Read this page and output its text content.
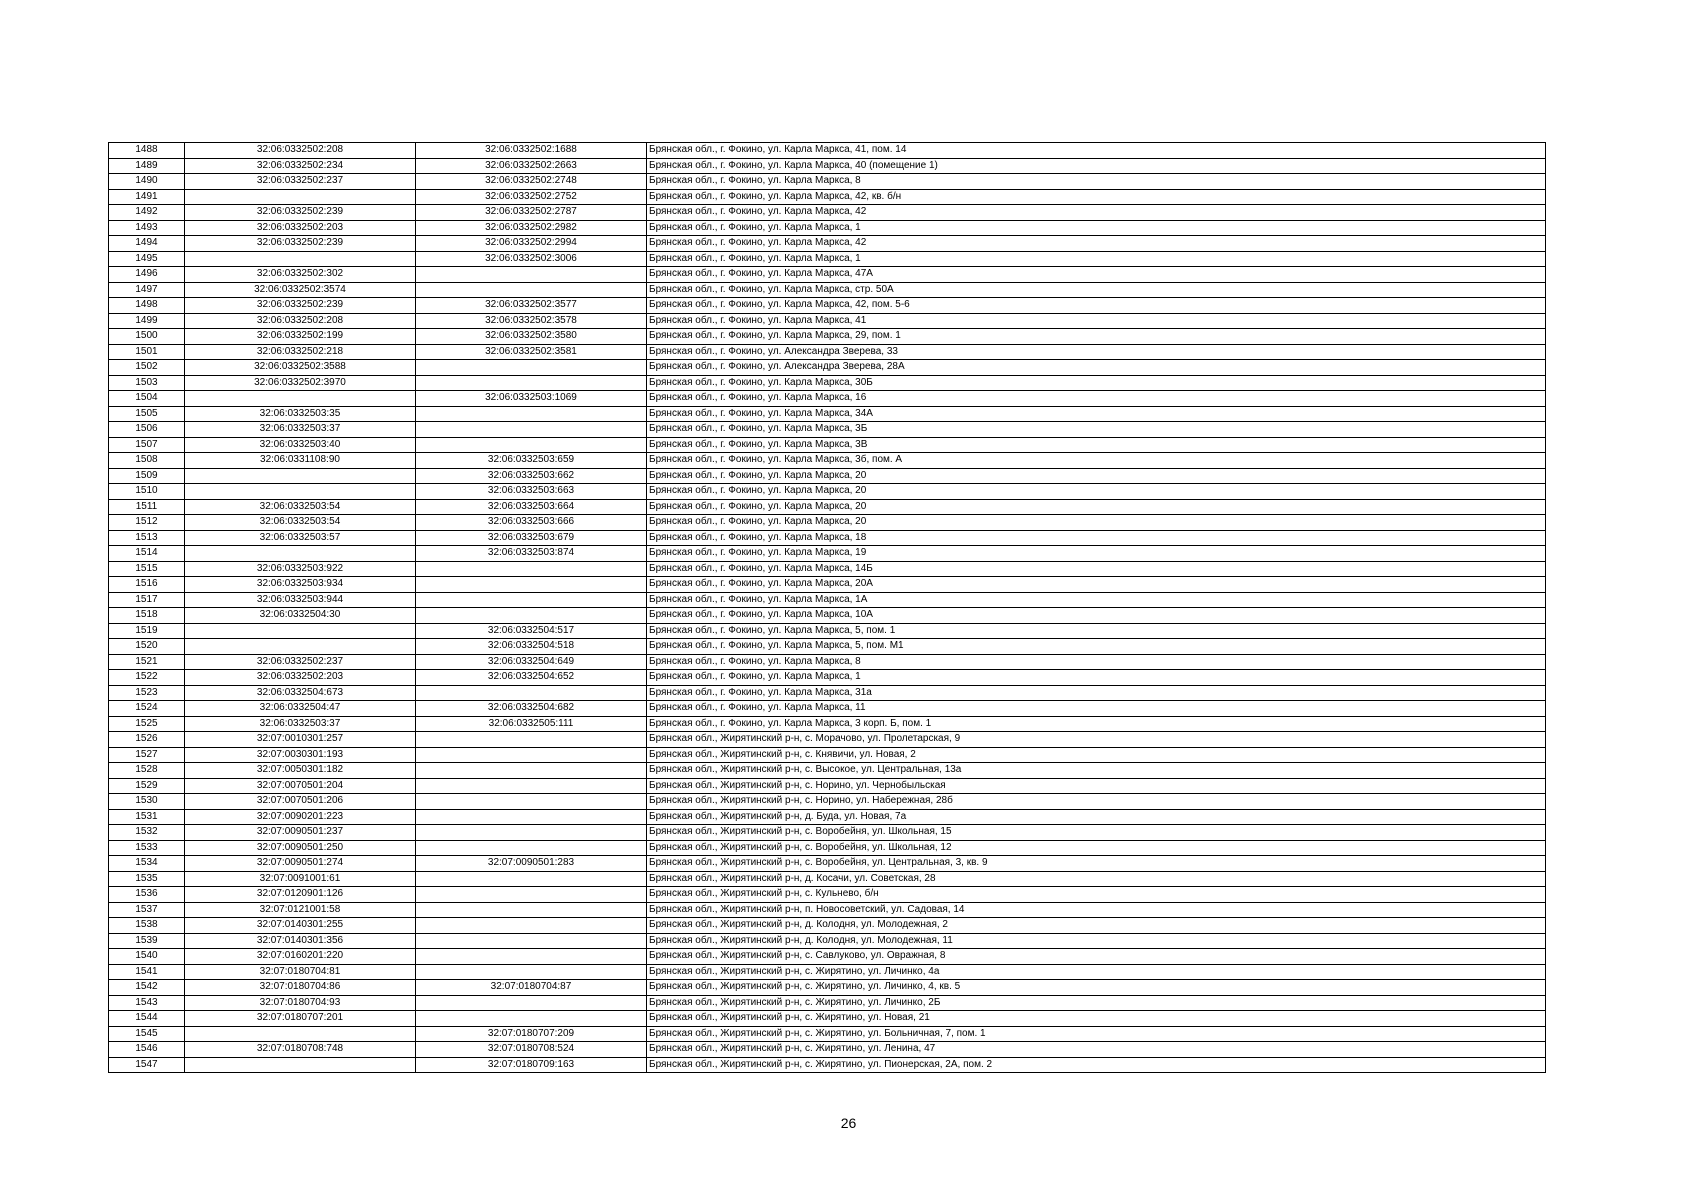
1488	32:06:0332502:208	32:06:0332502:1688	Брянская обл., г. Фокино, ул. Карла Маркса, 41, пом. 14
1489	32:06:0332502:234	32:06:0332502:2663	Брянская обл., г. Фокино, ул. Карла Маркса, 40 (помещение 1)
1490	32:06:0332502:237	32:06:0332502:2748	Брянская обл., г. Фокино, ул. Карла Маркса, 8
1491		32:06:0332502:2752	Брянская обл., г. Фокино, ул. Карла Маркса, 42, кв. б/н
1492	32:06:0332502:239	32:06:0332502:2787	Брянская обл., г. Фокино, ул. Карла Маркса, 42
1493	32:06:0332502:203	32:06:0332502:2982	Брянская обл., г. Фокино, ул. Карла Маркса, 1
1494	32:06:0332502:239	32:06:0332502:2994	Брянская обл., г. Фокино, ул. Карла Маркса, 42
1495		32:06:0332502:3006	Брянская обл., г. Фокино, ул. Карла Маркса, 1
1496	32:06:0332502:302		Брянская обл., г. Фокино, ул. Карла Маркса, 47А
1497	32:06:0332502:3574		Брянская обл., г. Фокино, ул. Карла Маркса, стр. 50А
1498	32:06:0332502:239	32:06:0332502:3577	Брянская обл., г. Фокино, ул. Карла Маркса, 42, пом. 5-6
1499	32:06:0332502:208	32:06:0332502:3578	Брянская обл., г. Фокино, ул. Карла Маркса, 41
1500	32:06:0332502:199	32:06:0332502:3580	Брянская обл., г. Фокино, ул. Карла Маркса, 29, пом. 1
1501	32:06:0332502:218	32:06:0332502:3581	Брянская обл., г. Фокино, ул. Александра Зверева, 33
1502	32:06:0332502:3588		Брянская обл., г. Фокино, ул. Александра Зверева, 28А
1503	32:06:0332502:3970		Брянская обл., г. Фокино, ул. Карла Маркса, 30Б
1504		32:06:0332503:1069	Брянская обл., г. Фокино, ул. Карла Маркса, 16
1505	32:06:0332503:35		Брянская обл., г. Фокино, ул. Карла Маркса, 34А
1506	32:06:0332503:37		Брянская обл., г. Фокино, ул. Карла Маркса, 3Б
1507	32:06:0332503:40		Брянская обл., г. Фокино, ул. Карла Маркса, 3В
1508	32:06:0331108:90	32:06:0332503:659	Брянская обл., г. Фокино, ул. Карла Маркса, 3б, пом. А
1509		32:06:0332503:662	Брянская обл., г. Фокино, ул. Карла Маркса, 20
1510		32:06:0332503:663	Брянская обл., г. Фокино, ул. Карла Маркса, 20
1511	32:06:0332503:54	32:06:0332503:664	Брянская обл., г. Фокино, ул. Карла Маркса, 20
1512	32:06:0332503:54	32:06:0332503:666	Брянская обл., г. Фокино, ул. Карла Маркса, 20
1513	32:06:0332503:57	32:06:0332503:679	Брянская обл., г. Фокино, ул. Карла Маркса, 18
1514		32:06:0332503:874	Брянская обл., г. Фокино, ул. Карла Маркса, 19
1515	32:06:0332503:922		Брянская обл., г. Фокино, ул. Карла Маркса, 14Б
1516	32:06:0332503:934		Брянская обл., г. Фокино, ул. Карла Маркса, 20А
1517	32:06:0332503:944		Брянская обл., г. Фокино, ул. Карла Маркса, 1А
1518	32:06:0332504:30		Брянская обл., г. Фокино, ул. Карла Маркса, 10А
1519		32:06:0332504:517	Брянская обл., г. Фокино, ул. Карла Маркса, 5, пом. 1
1520		32:06:0332504:518	Брянская обл., г. Фокино, ул. Карла Маркса, 5, пом. М1
1521	32:06:0332502:237	32:06:0332504:649	Брянская обл., г. Фокино, ул. Карла Маркса, 8
1522	32:06:0332502:203	32:06:0332504:652	Брянская обл., г. Фокино, ул. Карла Маркса, 1
1523	32:06:0332504:673		Брянская обл., г. Фокино, ул. Карла Маркса, 31а
1524	32:06:0332504:47	32:06:0332504:682	Брянская обл., г. Фокино, ул. Карла Маркса, 11
1525	32:06:0332503:37	32:06:0332505:111	Брянская обл., г. Фокино, ул. Карла Маркса, 3 корп. Б, пом. 1
1526	32:07:0010301:257		Брянская обл., Жирятинский р-н, с. Морачово, ул. Пролетарская, 9
1527	32:07:0030301:193		Брянская обл., Жирятинский р-н, с. Княвичи, ул. Новая, 2
1528	32:07:0050301:182		Брянская обл., Жирятинский р-н, с. Высокое, ул. Центральная, 13а
1529	32:07:0070501:204		Брянская обл., Жирятинский р-н, с. Норино, ул. Чернобыльская
1530	32:07:0070501:206		Брянская обл., Жирятинский р-н, с. Норино, ул. Набережная, 28б
1531	32:07:0090201:223		Брянская обл., Жирятинский р-н, д. Буда, ул. Новая, 7а
1532	32:07:0090501:237		Брянская обл., Жирятинский р-н, с. Воробейня, ул. Школьная, 15
1533	32:07:0090501:250		Брянская обл., Жирятинский р-н, с. Воробейня, ул. Школьная, 12
1534	32:07:0090501:274	32:07:0090501:283	Брянская обл., Жирятинский р-н, с. Воробейня, ул. Центральная, 3, кв. 9
1535	32:07:0091001:61		Брянская обл., Жирятинский р-н, д. Косачи, ул. Советская, 28
1536	32:07:0120901:126		Брянская обл., Жирятинский р-н, с. Кульнево, б/н
1537	32:07:0121001:58		Брянская обл., Жирятинский р-н, п. Новосоветский, ул. Садовая, 14
1538	32:07:0140301:255		Брянская обл., Жирятинский р-н, д. Колодня, ул. Молодежная, 2
1539	32:07:0140301:356		Брянская обл., Жирятинский р-н, д. Колодня, ул. Молодежная, 11
1540	32:07:0160201:220		Брянская обл., Жирятинский р-н, с. Савлуково, ул. Овражная, 8
1541	32:07:0180704:81		Брянская обл., Жирятинский р-н, с. Жирятино, ул. Личинко, 4а
1542	32:07:0180704:86	32:07:0180704:87	Брянская обл., Жирятинский р-н, с. Жирятино, ул. Личинко, 4, кв. 5
1543	32:07:0180704:93		Брянская обл., Жирятинский р-н, с. Жирятино, ул. Личинко, 2Б
1544	32:07:0180707:201		Брянская обл., Жирятинский р-н, с. Жирятино, ул. Новая, 21
1545		32:07:0180707:209	Брянская обл., Жирятинский р-н, с. Жирятино, ул. Больничная, 7, пом. 1
1546	32:07:0180708:748	32:07:0180708:524	Брянская обл., Жирятинский р-н, с. Жирятино, ул. Ленина, 47
1547		32:07:0180709:163	Брянская обл., Жирятинский р-н, с. Жирятино, ул. Пионерская, 2А, пом. 2
26
